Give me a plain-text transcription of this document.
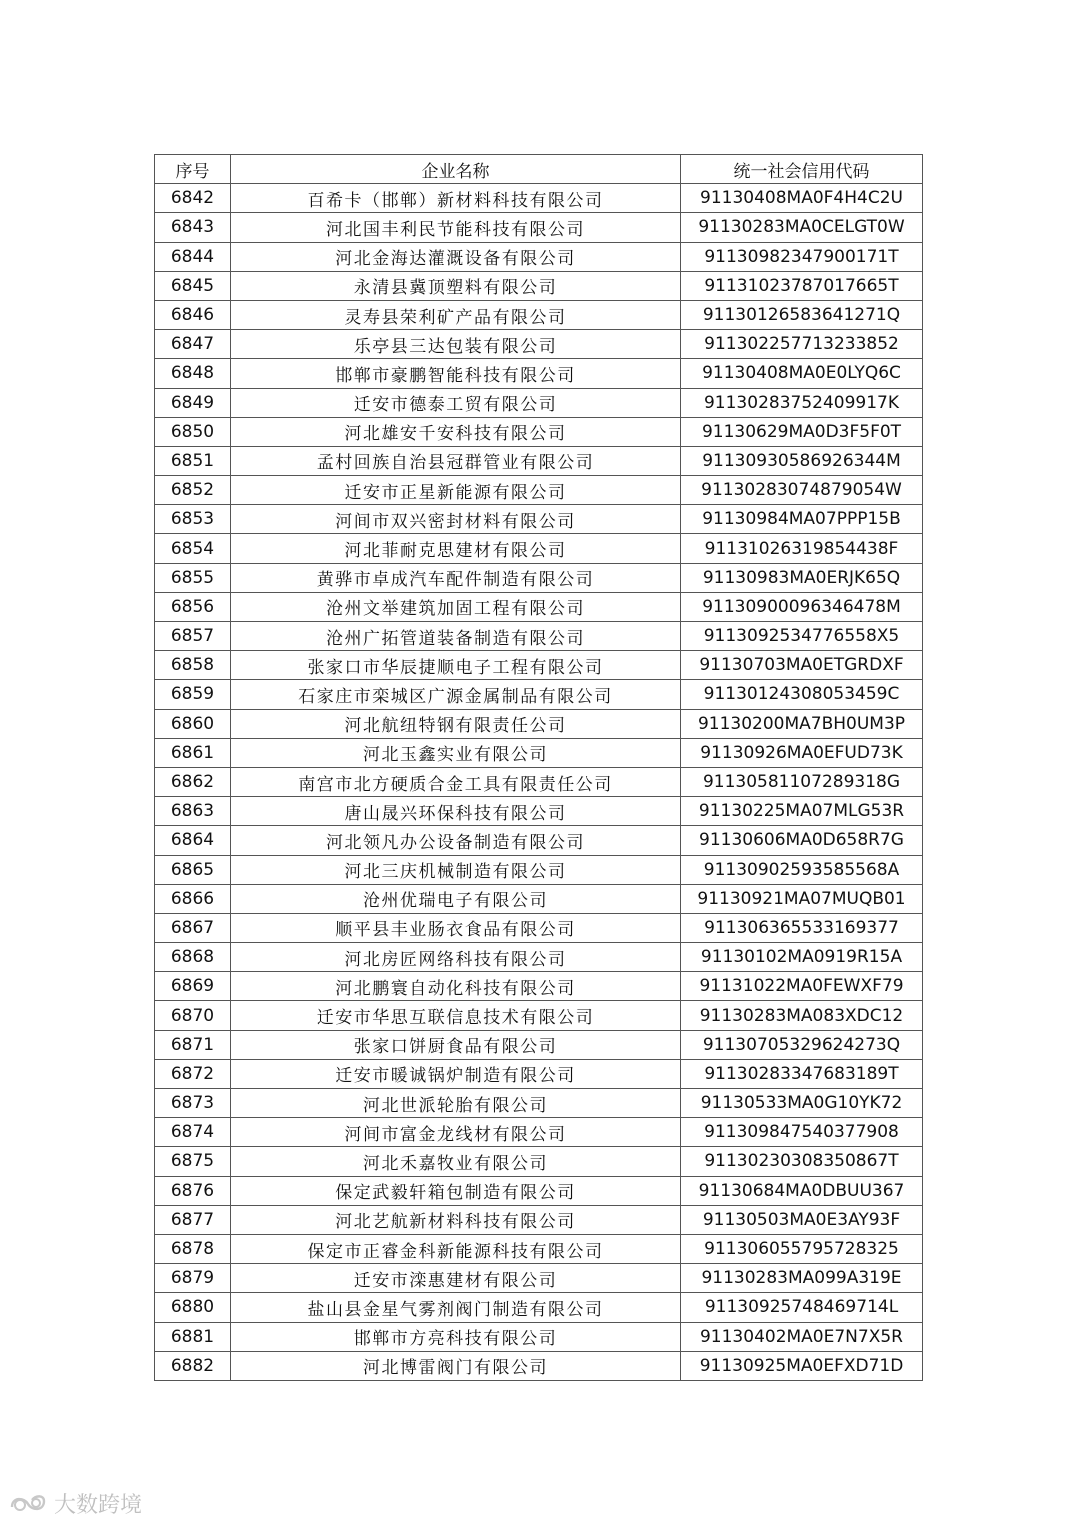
序号	企业名称	统一社会信用代码
6842	百希卡（邯郸）新材料科技有限公司	91130408MA0F4H4C2U
6843	河北国丰利民节能科技有限公司	91130283MA0CELGT0W
6844	河北金海达灌溉设备有限公司	91130982347900171T
6845	永清县冀顶塑料有限公司	91131023787017665T
6846	灵寿县荣利矿产品有限公司	91130126583641271Q
6847	乐亭县三达包装有限公司	911302257713233852
6848	邯郸市豪鹏智能科技有限公司	91130408MA0E0LYQ6C
6849	迁安市德泰工贸有限公司	91130283752409917K
6850	河北雄安千安科技有限公司	91130629MA0D3F5F0T
6851	孟村回族自治县冠群管业有限公司	91130930586926344M
6852	迁安市正星新能源有限公司	91130283074879054W
6853	河间市双兴密封材料有限公司	91130984MA07PPP15B
6854	河北菲耐克思建材有限公司	91131026319854438F
6855	黄骅市卓成汽车配件制造有限公司	91130983MA0ERJK65Q
6856	沧州文举建筑加固工程有限公司	91130900096346478M
6857	沧州广拓管道装备制造有限公司	9113092534776558X5
6858	张家口市华辰捷顺电子工程有限公司	91130703MA0ETGRDXF
6859	石家庄市栾城区广源金属制品有限公司	91130124308053459C
6860	河北航纽特钢有限责任公司	91130200MA7BH0UM3P
6861	河北玉鑫实业有限公司	91130926MA0EFUD73K
6862	南宫市北方硬质合金工具有限责任公司	91130581107289318G
6863	唐山晟兴环保科技有限公司	91130225MA07MLG53R
6864	河北领凡办公设备制造有限公司	91130606MA0D658R7G
6865	河北三庆机械制造有限公司	91130902593585568A
6866	沧州优瑞电子有限公司	91130921MA07MUQB01
6867	顺平县丰业肠衣食品有限公司	911306365533169377
6868	河北房匠网络科技有限公司	91130102MA0919R15A
6869	河北鹏寰自动化科技有限公司	91131022MA0FEWXF79
6870	迁安市华思互联信息技术有限公司	91130283MA083XDC12
6871	张家口饼厨食品有限公司	91130705329624273Q
6872	迁安市暖诚锅炉制造有限公司	91130283347683189T
6873	河北世派轮胎有限公司	91130533MA0G10YK72
6874	河间市富金龙线材有限公司	911309847540377908
6875	河北禾嘉牧业有限公司	91130230308350867T
6876	保定武毅轩箱包制造有限公司	91130684MA0DBUU367
6877	河北艺航新材料科技有限公司	91130503MA0E3AY93F
6878	保定市正睿金科新能源科技有限公司	911306055795728325
6879	迁安市滦惠建材有限公司	91130283MA099A319E
6880	盐山县金星气雾剂阀门制造有限公司	91130925748469714L
6881	邯郸市方亮科技有限公司	91130402MA0E7N7X5R
6882	河北博雷阀门有限公司	91130925MA0EFXD71D
大数跨境
